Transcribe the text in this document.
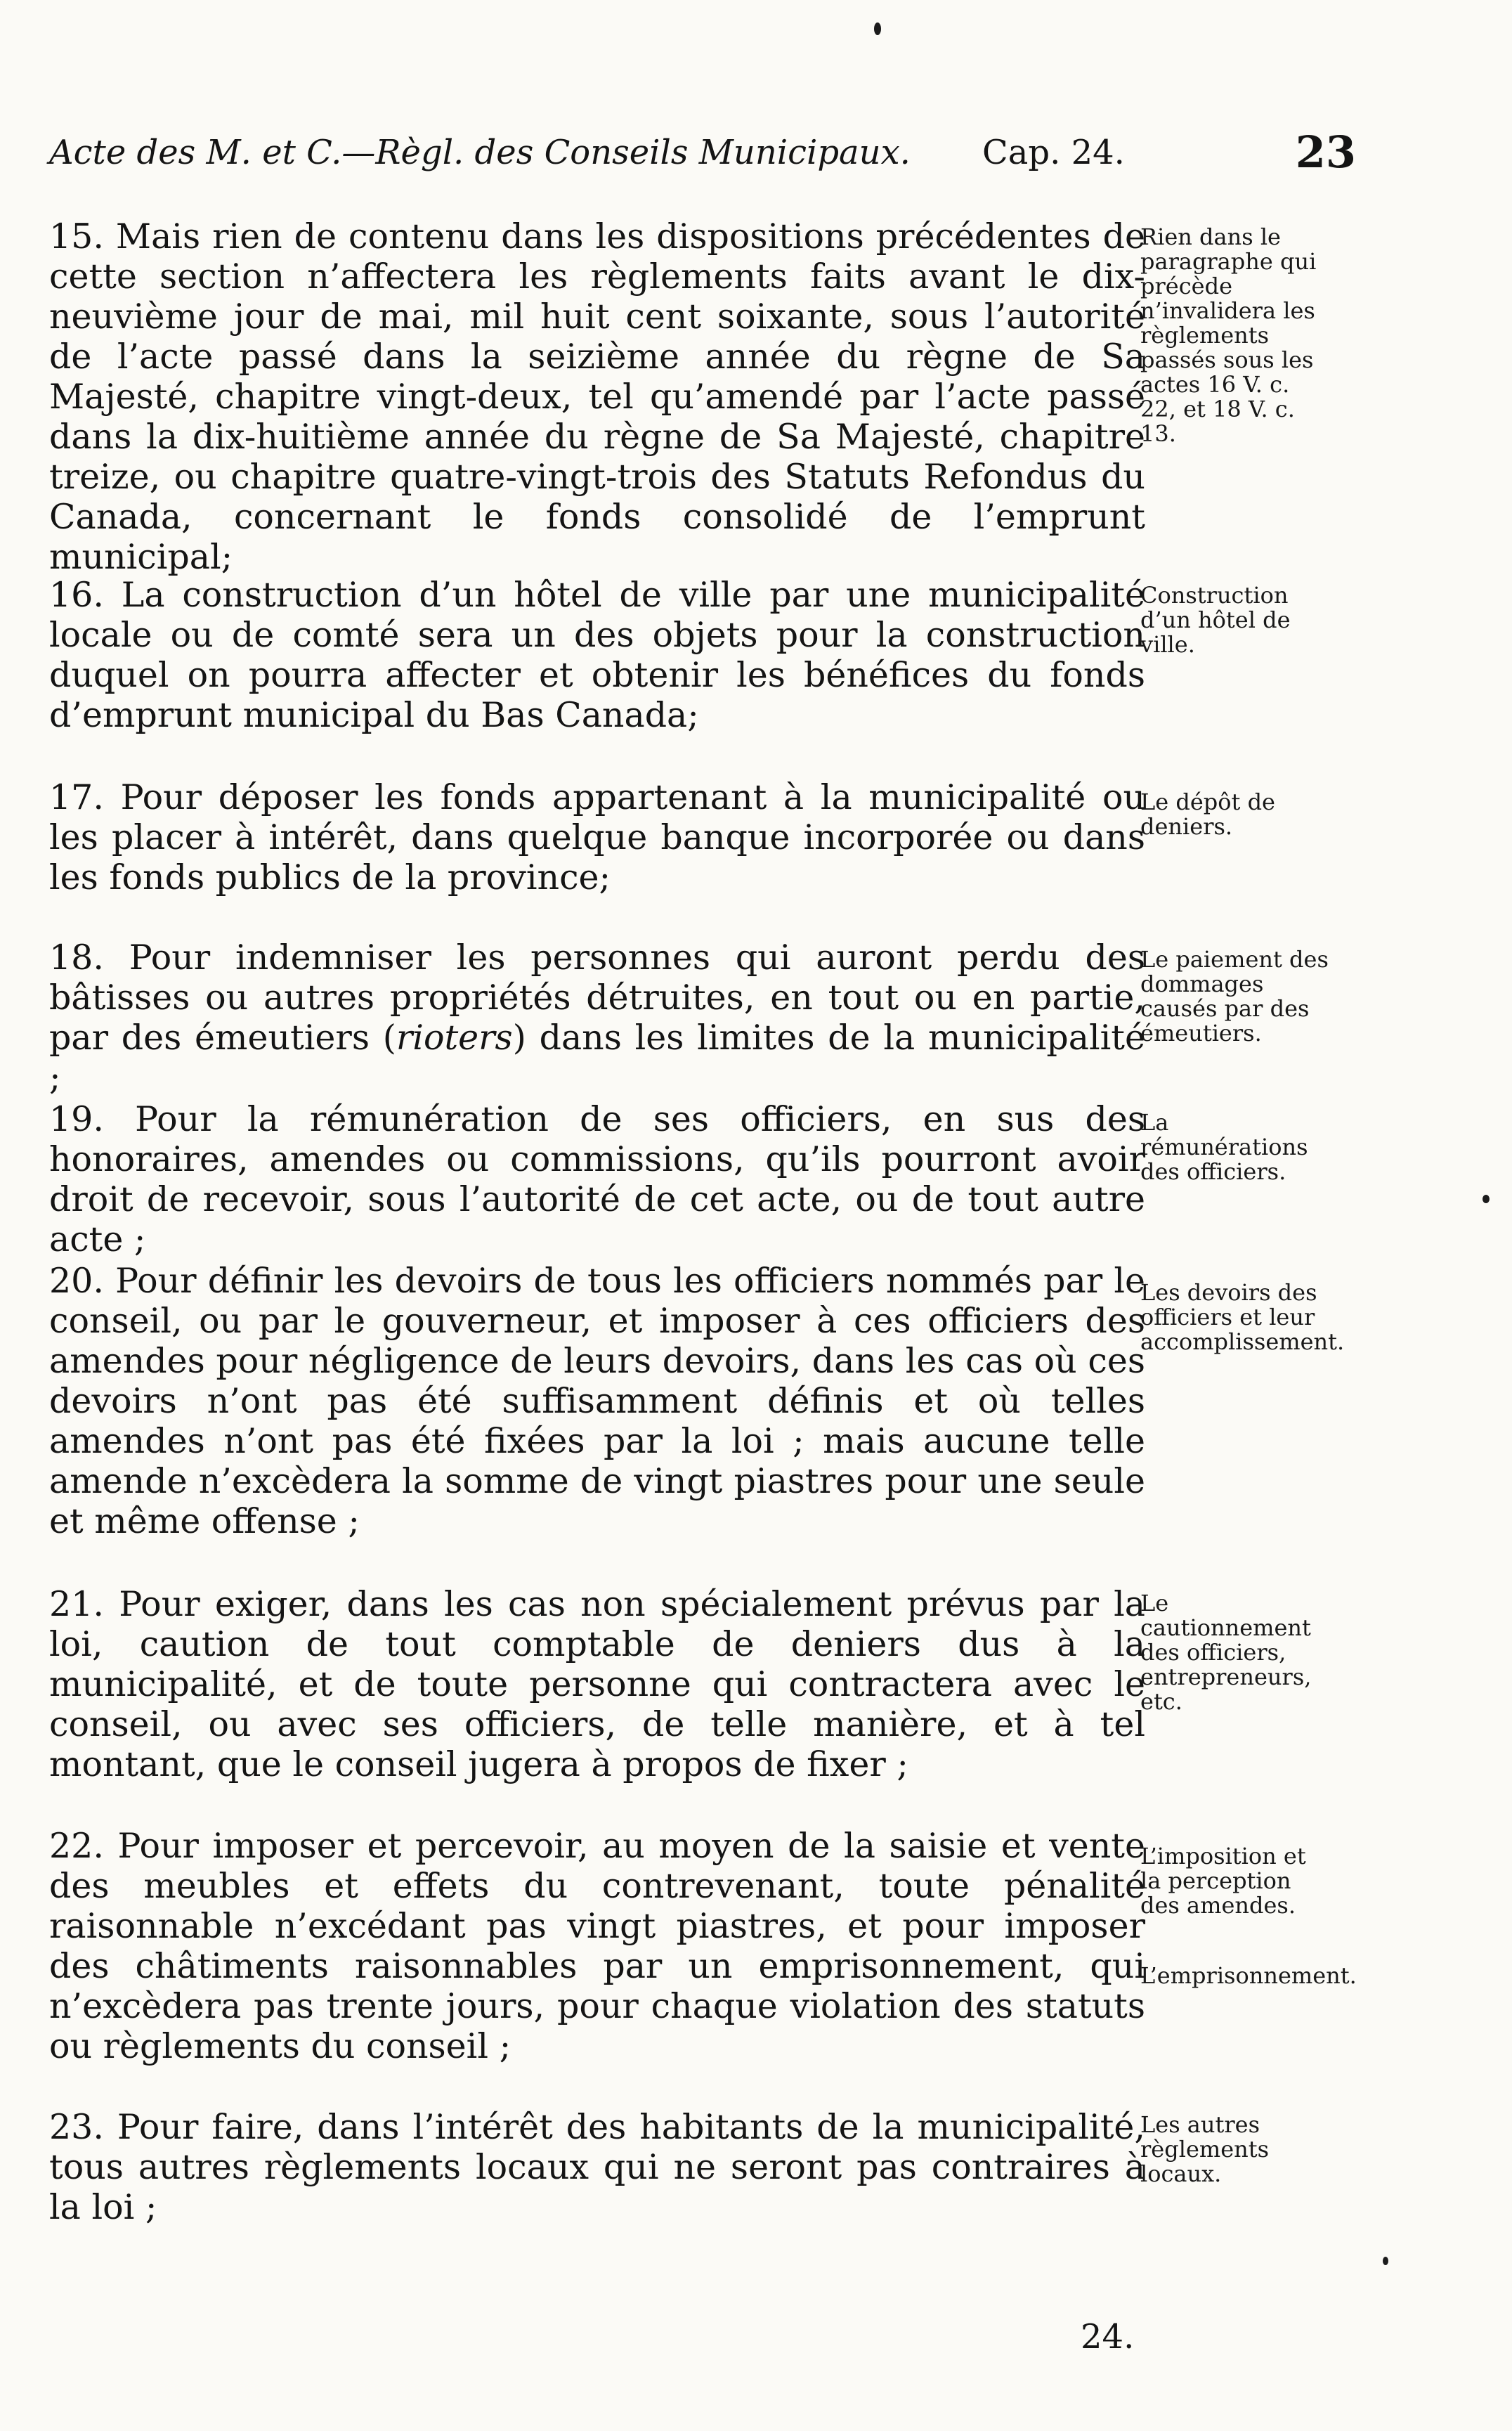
Acte des M. et C.—Règl. des Conseils Municipaux. Cap. 24.	23
15. Mais rien de contenu dans les dispositions précédentes de cette section n’affectera les règlements faits avant le dix-neuvième jour de mai, mil huit cent soixante, sous l’autorité de l’acte passé dans la seizième année du règne de Sa Majesté, chapitre vingt-deux, tel qu’amendé par l’acte passé dans la dix-huitième année du règne de Sa Majesté, chapitre treize, ou chapitre quatre-vingt-trois des Statuts Refondus du Canada, concernant le fonds consolidé de l’emprunt municipal;
16. La construction d’un hôtel de ville par une municipalité locale ou de comté sera un des objets pour la construction duquel on pourra affecter et obtenir les bénéfices du fonds d’emprunt municipal du Bas Canada;
17. Pour déposer les fonds appartenant à la municipalité ou les placer à intérêt, dans quelque banque incorporée ou dans les fonds publics de la province;
18. Pour indemniser les personnes qui auront perdu des bâtisses ou autres propriétés détruites, en tout ou en partie, par des émeutiers (rioters) dans les limites de la municipalité ;
19. Pour la rémunération de ses officiers, en sus des honoraires, amendes ou commissions, qu’ils pourront avoir droit de recevoir, sous l’autorité de cet acte, ou de tout autre acte ;
20. Pour définir les devoirs de tous les officiers nommés par le conseil, ou par le gouverneur, et imposer à ces officiers des amendes pour négligence de leurs devoirs, dans les cas où ces devoirs n’ont pas été suffisamment définis et où telles amendes n’ont pas été fixées par la loi ; mais aucune telle amende n’excèdera la somme de vingt piastres pour une seule et même offense ;
21. Pour exiger, dans les cas non spécialement prévus par la loi, caution de tout comptable de deniers dus à la municipalité, et de toute personne qui contractera avec le conseil, ou avec ses officiers, de telle manière, et à tel montant, que le conseil jugera à propos de fixer ;
22. Pour imposer et percevoir, au moyen de la saisie et vente des meubles et effets du contrevenant, toute pénalité raisonnable n’excédant pas vingt piastres, et pour imposer des châtiments raisonnables par un emprisonnement, qui n’excèdera pas trente jours, pour chaque violation des statuts ou règlements du conseil ;
23. Pour faire, dans l’intérêt des habitants de la municipalité, tous autres règlements locaux qui ne seront pas contraires à la loi ;
Rien dans le paragraphe qui précède n’invalidera les règlements passés sous les actes 16 V. c. 22, et 18 V. c. 13.
Construction d’un hôtel de ville.
Le dépôt de deniers.
Le paiement des dommages causés par des émeutiers.
La rémunérations des officiers.
Les devoirs des officiers et leur accomplissement.
Le cautionnement des officiers, entrepreneurs, etc.
L’imposition et la perception des amendes.
L’emprisonnement.
Les autres règlements locaux.
24.
